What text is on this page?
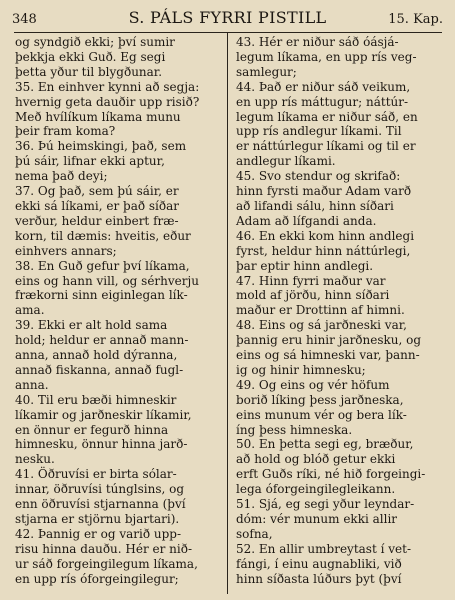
348	S. PÁLS FYRRI PISTILL	15. Kap.
og syndgið ekki; því sumir
þekkja ekki Guð. Eg segi
þetta yður til blygðunar.
35. En einhver kynni að segja:
hvernig geta dauðir upp risið?
Með hvílíkum líkama munu
þeir fram koma?
36. Þú heimskingi, það, sem
þú sáir, lifnar ekki aptur,
nema það deyi;
37. Og það, sem þú sáir, er
ekki sá líkami, er það síðar
verður, heldur einbert fræ-
korn, til dæmis: hveitis, eður
einhvers annars;
38. En Guð gefur því líkama,
eins og hann vill, og sérhverju
frækorni sinn eiginlegan lík-
ama.
39. Ekki er alt hold sama
hold; heldur er annað mann-
anna, annað hold dýranna,
annað fiskanna, annað fugl-
anna.
40. Til eru bæði himneskir
líkamir og jarðneskir líkamir,
en önnur er fegurð hinna
himnesku, önnur hinna jarð-
nesku.
41. Öðruvísi er birta sólar-
innar, öðruvísi túnglsins, og
enn öðruvísi stjarnanna (því
stjarna er stjörnu bjartari).
42. Þannig er og varið upp-
risu hinna dauðu. Hér er nið-
ur sáð forgeingilegum líkama,
en upp rís óforgeingilegur;
43. Hér er niður sáð óásjá-
legum líkama, en upp rís veg-
samlegur;
44. Það er niður sáð veikum,
en upp rís máttugur; náttúr-
legum líkama er niður sáð, en
upp rís andlegur líkami. Til
er náttúrlegur líkami og til er
andlegur líkami.
45. Svo stendur og skrifað:
hinn fyrsti maður Adam varð
að lifandi sálu, hinn síðari
Adam að lífgandi anda.
46. En ekki kom hinn andlegi
fyrst, heldur hinn náttúrlegi,
þar eptir hinn andlegi.
47. Hinn fyrri maður var
mold af jörðu, hinn síðari
maður er Drottinn af himni.
48. Eins og sá jarðneski var,
þannig eru hinir jarðnesku, og
eins og sá himneski var, þann-
ig og hinir himnesku;
49. Og eins og vér höfum
borið líking þess jarðneska,
eins munum vér og bera lík-
íng þess himneska.
50. En þetta segi eg, bræður,
að hold og blóð getur ekki
erft Guðs ríki, né hið forgeingi-
lega óforgeingilegleikann.
51. Sjá, eg segi yður leyndar-
dóm: vér munum ekki allir
sofna,
52. En allir umbreytast í vet-
fángi, í einu augnabliki, við
hinn síðasta lúðurs þyt (því
